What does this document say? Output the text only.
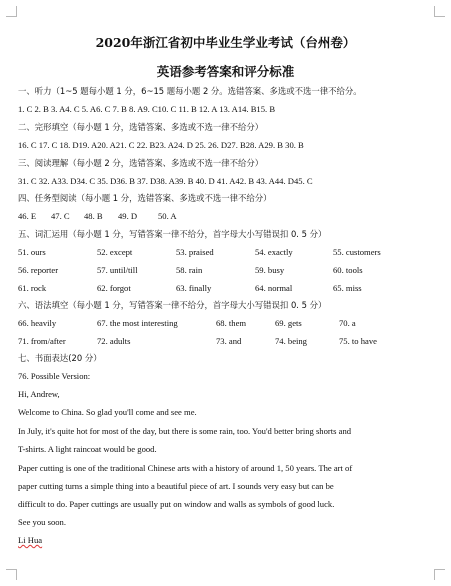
2020年浙江省初中毕业生学业考试（台州卷）
英语参考答案和评分标准
一、听力（1~5 题每小题 1 分，6~15 题每小题 2 分。选错答案、多选或不选一律不给分。
1. C 2. B 3. A4. C 5. A6. C 7. B 8. A9. C10. C 11. B 12. A 13. A14. B15. B
二、完形填空（每小题 1 分，选错答案、多选或不选一律不给分）
16. C 17. C 18. D19. A20. A21. C 22. B23. A24. D 25. 26. D27. B28. A29. B 30. B
三、阅读理解（每小题 2 分，选错答案、多选或不选一律不给分）
31. C 32. A33. D34. C 35. D36. B 37. D38. A39. B 40. D 41. A42. B 43. A44. D45. C
四、任务型阅读（每小题 1 分，选错答案、多选或不选一律不给分）
46. E 47. C 48. B 49. D 50. A
五、词汇运用（每小题 1 分，写错答案一律不给分，首字母大小写错误扣 0. 5 分）
51. ours	52. except	53. praised	54. exactly	55. customers
56. reporter	57. until/till	58. rain	59. busy	60. tools
61. rock	62. forgot	63. finally	64. normal	65. miss
六、语法填空（每小题 1 分，写错答案一律不给分，首字母大小写错误扣 0. 5 分）
66. heavily	67. the most interesting	68. them	69. gets	70. a
71. from/after	72. adults	73. and	74. being	75. to have
七、书面表达(20 分）
76. Possible Version:
Hi, Andrew,
Welcome to China. So glad you'll come and see me.
In July, it's quite hot for most of the day, but there is some rain, too. You'd better bring shorts and
T-shirts. A light raincoat would be good.
Paper cutting is one of the traditional Chinese arts with a history of around 1, 50 years. The art of
paper cutting turns a simple thing into a beautiful piece of art. I sounds very easy but can be
difficult to do. Paper cuttings are usually put on window and walls as symbols of good luck.
See you soon.
Li Hua
